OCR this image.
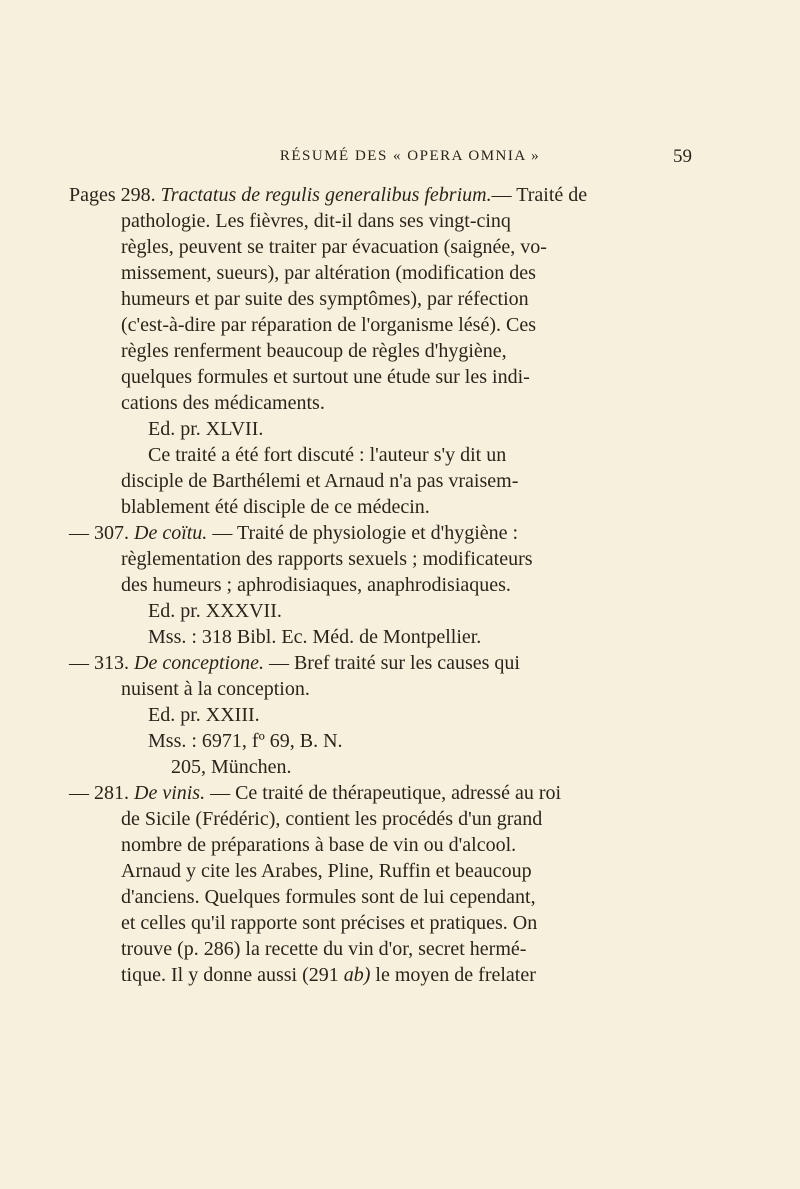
RÉSUMÉ DES « OPERA OMNIA »	59
Pages 298. Tractatus de regulis generalibus febrium.— Traité de
pathologie. Les fièvres, dit-il dans ses vingt-cinq
règles, peuvent se traiter par évacuation (saignée, vo-
missement, sueurs), par altération (modification des
humeurs et par suite des symptômes), par réfection
(c'est-à-dire par réparation de l'organisme lésé). Ces
règles renferment beaucoup de règles d'hygiène,
quelques formules et surtout une étude sur les indi-
cations des médicaments.
Ed. pr. XLVII.
Ce traité a été fort discuté : l'auteur s'y dit un
disciple de Barthélemi et Arnaud n'a pas vraisem-
blablement été disciple de ce médecin.
— 307. De coïtu. — Traité de physiologie et d'hygiène :
règlementation des rapports sexuels ; modificateurs
des humeurs ; aphrodisiaques, anaphrodisiaques.
Ed. pr. XXXVII.
Mss. : 318 Bibl. Ec. Méd. de Montpellier.
— 313. De conceptione. — Bref traité sur les causes qui
nuisent à la conception.
Ed. pr. XXIII.
Mss. : 6971, fº 69, B. N.
205, München.
— 281. De vinis. — Ce traité de thérapeutique, adressé au roi
de Sicile (Frédéric), contient les procédés d'un grand
nombre de préparations à base de vin ou d'alcool.
Arnaud y cite les Arabes, Pline, Ruffin et beaucoup
d'anciens. Quelques formules sont de lui cependant,
et celles qu'il rapporte sont précises et pratiques. On
trouve (p. 286) la recette du vin d'or, secret hermé-
tique. Il y donne aussi (291 ab) le moyen de frelater
